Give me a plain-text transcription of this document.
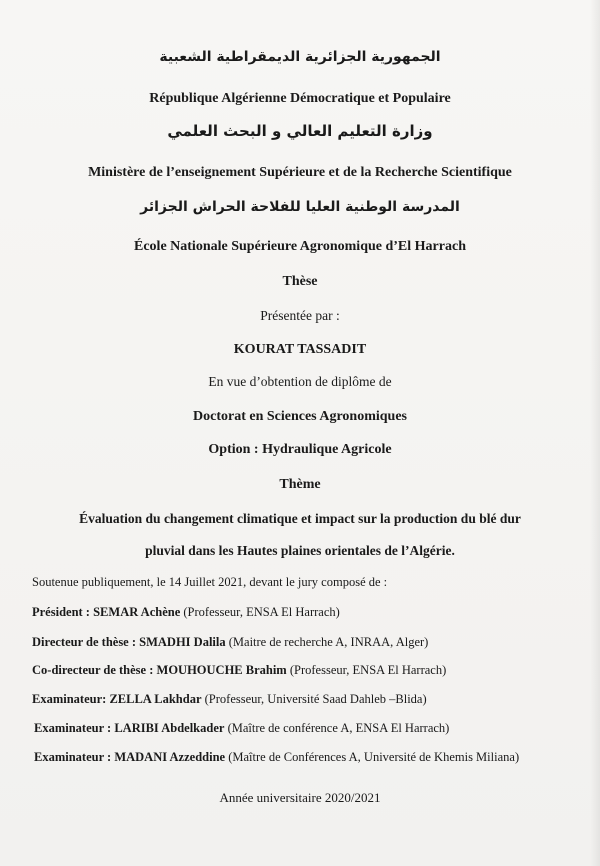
الجمهورية الجزائرية الديمقراطية الشعبية
République Algérienne Démocratique et Populaire
وزارة التعليم العالي و البحث العلمي
Ministère de l’enseignement Supérieure et de la Recherche Scientifique
المدرسة الوطنية العليا للفلاحة الحراش الجزائر
École Nationale Supérieure Agronomique d’El Harrach
Thèse
Présentée par :
KOURAT TASSADIT
En vue d’obtention de diplôme de
Doctorat en Sciences Agronomiques
Option : Hydraulique Agricole
Thème
Évaluation du changement climatique et impact sur la production du blé dur
pluvial dans les Hautes plaines orientales de l’Algérie.
Soutenue publiquement, le 14 Juillet 2021, devant le jury composé de :
Président : SEMAR Achène (Professeur, ENSA El Harrach)
Directeur de thèse : SMADHI Dalila (Maitre de recherche A, INRAA, Alger)
Co-directeur de thèse : MOUHOUCHE Brahim (Professeur, ENSA El Harrach)
Examinateur: ZELLA Lakhdar (Professeur, Université Saad Dahleb –Blida)
Examinateur : LARIBI Abdelkader (Maître de conférence A, ENSA El Harrach)
Examinateur : MADANI Azzeddine (Maître de Conférences A, Université de Khemis Miliana)
Année universitaire 2020/2021
